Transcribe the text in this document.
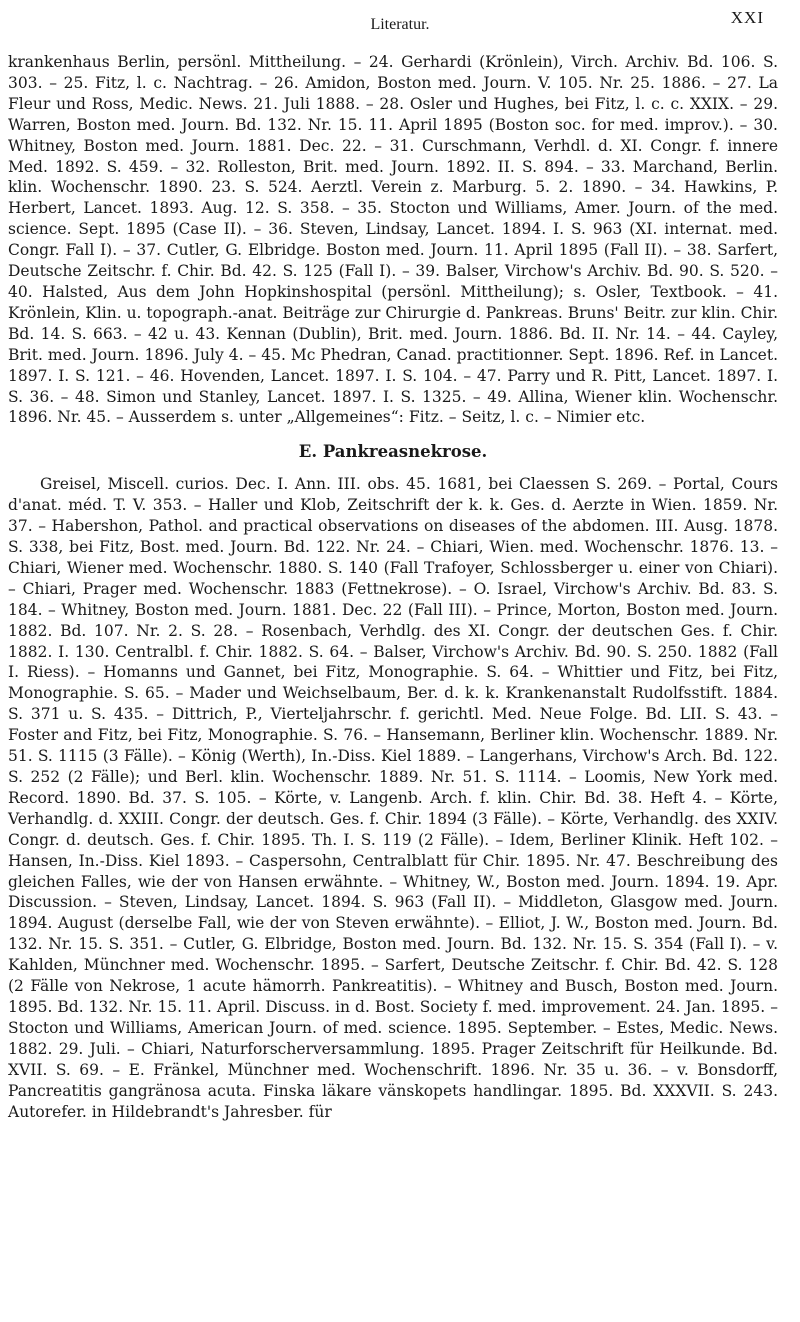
Literatur.	XXI

krankenhaus Berlin, persönl. Mittheilung. – 24. Gerhardi (Krönlein), Virch. Archiv. Bd. 106. S. 303. – 25. Fitz, l. c. Nachtrag. – 26. Amidon, Boston med. Journ. V. 105. Nr. 25. 1886. – 27. La Fleur und Ross, Medic. News. 21. Juli 1888. – 28. Osler und Hughes, bei Fitz, l. c. c. XXIX. – 29. Warren, Boston med. Journ. Bd. 132. Nr. 15. 11. April 1895 (Boston soc. for med. improv.). – 30. Whitney, Boston med. Journ. 1881. Dec. 22. – 31. Curschmann, Verhdl. d. XI. Congr. f. innere Med. 1892. S. 459. – 32. Rolleston, Brit. med. Journ. 1892. II. S. 894. – 33. Marchand, Berlin. klin. Wochenschr. 1890. 23. S. 524. Aerztl. Verein z. Marburg. 5. 2. 1890. – 34. Hawkins, P. Herbert, Lancet. 1893. Aug. 12. S. 358. – 35. Stocton und Williams, Amer. Journ. of the med. science. Sept. 1895 (Case II). – 36. Steven, Lindsay, Lancet. 1894. I. S. 963 (XI. internat. med. Congr. Fall I). – 37. Cutler, G. Elbridge. Boston med. Journ. 11. April 1895 (Fall II). – 38. Sarfert, Deutsche Zeitschr. f. Chir. Bd. 42. S. 125 (Fall I). – 39. Balser, Virchow's Archiv. Bd. 90. S. 520. – 40. Halsted, Aus dem John Hopkinshospital (persönl. Mittheilung); s. Osler, Textbook. – 41. Krönlein, Klin. u. topograph.-anat. Beiträge zur Chirurgie d. Pankreas. Bruns' Beitr. zur klin. Chir. Bd. 14. S. 663. – 42 u. 43. Kennan (Dublin), Brit. med. Journ. 1886. Bd. II. Nr. 14. – 44. Cayley, Brit. med. Journ. 1896. July 4. – 45. Mc Phedran, Canad. practitionner. Sept. 1896. Ref. in Lancet. 1897. I. S. 121. – 46. Hovenden, Lancet. 1897. I. S. 104. – 47. Parry und R. Pitt, Lancet. 1897. I. S. 36. – 48. Simon und Stanley, Lancet. 1897. I. S. 1325. – 49. Allina, Wiener klin. Wochenschr. 1896. Nr. 45. – Ausserdem s. unter „Allgemeines“: Fitz. – Seitz, l. c. – Nimier etc.

E. Pankreasnekrose.

Greisel, Miscell. curios. Dec. I. Ann. III. obs. 45. 1681, bei Claessen S. 269. – Portal, Cours d'anat. méd. T. V. 353. – Haller und Klob, Zeitschrift der k. k. Ges. d. Aerzte in Wien. 1859. Nr. 37. – Habershon, Pathol. and practical observations on diseases of the abdomen. III. Ausg. 1878. S. 338, bei Fitz, Bost. med. Journ. Bd. 122. Nr. 24. – Chiari, Wien. med. Wochenschr. 1876. 13. – Chiari, Wiener med. Wochenschr. 1880. S. 140 (Fall Trafoyer, Schlossberger u. einer von Chiari). – Chiari, Prager med. Wochenschr. 1883 (Fettnekrose). – O. Israel, Virchow's Archiv. Bd. 83. S. 184. – Whitney, Boston med. Journ. 1881. Dec. 22 (Fall III). – Prince, Morton, Boston med. Journ. 1882. Bd. 107. Nr. 2. S. 28. – Rosenbach, Verhdlg. des XI. Congr. der deutschen Ges. f. Chir. 1882. I. 130. Centralbl. f. Chir. 1882. S. 64. – Balser, Virchow's Archiv. Bd. 90. S. 250. 1882 (Fall I. Riess). – Homanns und Gannet, bei Fitz, Monographie. S. 64. – Whittier und Fitz, bei Fitz, Monographie. S. 65. – Mader und Weichselbaum, Ber. d. k. k. Krankenanstalt Rudolfsstift. 1884. S. 371 u. S. 435. – Dittrich, P., Vierteljahrschr. f. gerichtl. Med. Neue Folge. Bd. LII. S. 43. – Foster and Fitz, bei Fitz, Monographie. S. 76. – Hansemann, Berliner klin. Wochenschr. 1889. Nr. 51. S. 1115 (3 Fälle). – König (Werth), In.-Diss. Kiel 1889. – Langerhans, Virchow's Arch. Bd. 122. S. 252 (2 Fälle); und Berl. klin. Wochenschr. 1889. Nr. 51. S. 1114. – Loomis, New York med. Record. 1890. Bd. 37. S. 105. – Körte, v. Langenb. Arch. f. klin. Chir. Bd. 38. Heft 4. – Körte, Verhandlg. d. XXIII. Congr. der deutsch. Ges. f. Chir. 1894 (3 Fälle). – Körte, Verhandlg. des XXIV. Congr. d. deutsch. Ges. f. Chir. 1895. Th. I. S. 119 (2 Fälle). – Idem, Berliner Klinik. Heft 102. – Hansen, In.-Diss. Kiel 1893. – Caspersohn, Centralblatt für Chir. 1895. Nr. 47. Beschreibung des gleichen Falles, wie der von Hansen erwähnte. – Whitney, W., Boston med. Journ. 1894. 19. Apr. Discussion. – Steven, Lindsay, Lancet. 1894. S. 963 (Fall II). – Middleton, Glasgow med. Journ. 1894. August (derselbe Fall, wie der von Steven erwähnte). – Elliot, J. W., Boston med. Journ. Bd. 132. Nr. 15. S. 351. – Cutler, G. Elbridge, Boston med. Journ. Bd. 132. Nr. 15. S. 354 (Fall I). – v. Kahlden, Münchner med. Wochenschr. 1895. – Sarfert, Deutsche Zeitschr. f. Chir. Bd. 42. S. 128 (2 Fälle von Nekrose, 1 acute hämorrh. Pankreatitis). – Whitney and Busch, Boston med. Journ. 1895. Bd. 132. Nr. 15. 11. April. Discuss. in d. Bost. Society f. med. improvement. 24. Jan. 1895. – Stocton und Williams, American Journ. of med. science. 1895. September. – Estes, Medic. News. 1882. 29. Juli. – Chiari, Naturforscherversammlung. 1895. Prager Zeitschrift für Heilkunde. Bd. XVII. S. 69. – E. Fränkel, Münchner med. Wochenschrift. 1896. Nr. 35 u. 36. – v. Bonsdorff, Pancreatitis gangränosa acuta. Finska läkare vänskopets handlingar. 1895. Bd. XXXVII. S. 243. Autorefer. in Hildebrandt's Jahresber. für
